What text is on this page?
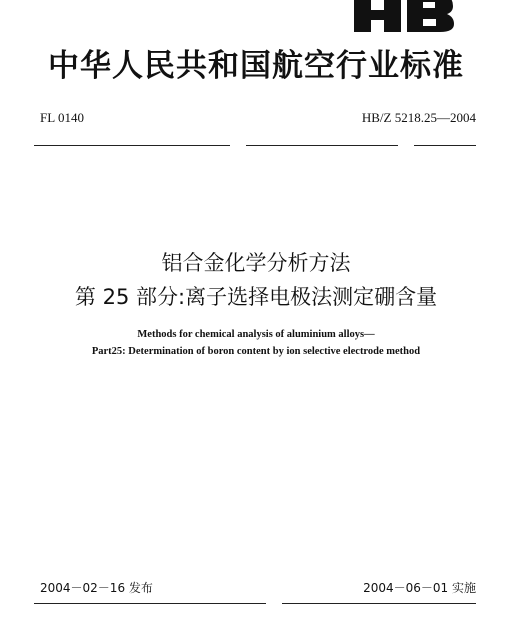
中华人民共和国航空行业标准
FL 0140	HB/Z 5218.25—2004
铝合金化学分析方法
第 25 部分:离子选择电极法测定硼含量
Methods for chemical analysis of aluminium alloys—
Part25: Determination of boron content by ion selective electrode method
2004－02－16 发布	2004－06－01 实施
